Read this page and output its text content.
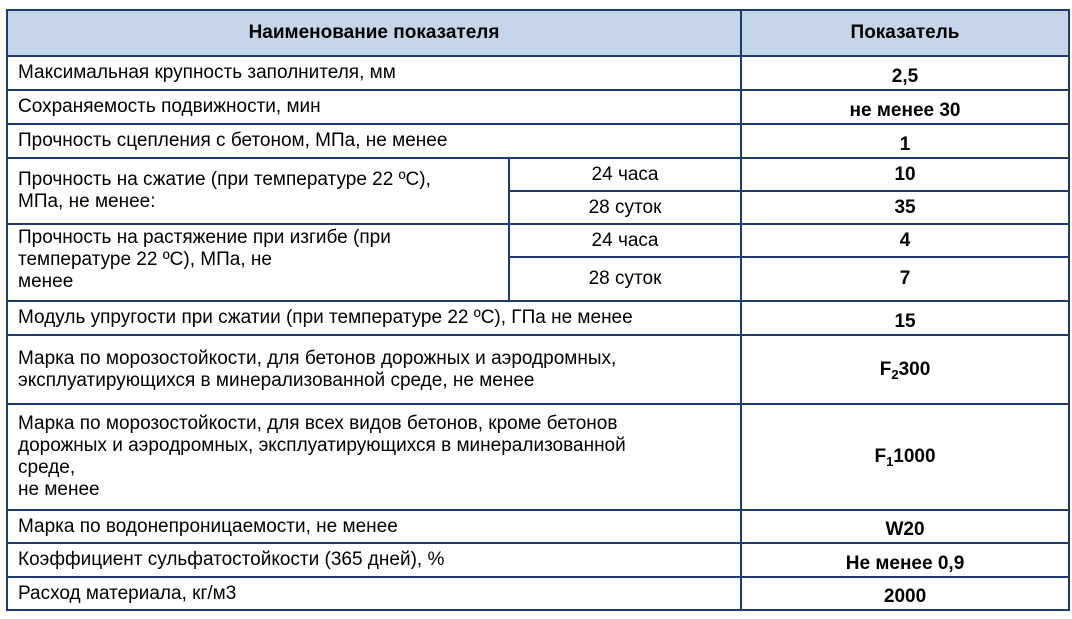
Наименование показателя		Показатель
Максимальная крупность заполнителя, мм		2,5
Сохраняемость подвижности, мин		не менее 30
Прочность сцепления с бетоном, МПа, не менее		1
Прочность на сжатие (при температуре 22 ºС),
МПа, не менее:	24 часа	10
	28 суток	35
Прочность на растяжение при изгибе (при
температуре 22 ºС), МПа, не
менее	24 часа	4
	28 суток	7
Модуль упругости при сжатии (при температуре 22 ºС), ГПа не менее		15
Марка по морозостойкости, для бетонов дорожных и аэродромных,
эксплуатирующихся в минерализованной среде, не менее		$F_2300$
Марка по морозостойкости, для всех видов бетонов, кроме бетонов
дорожных и аэродромных, эксплуатирующихся в минерализованной
среде,
не менее		$F_11000$
Марка по водонепроницаемости, не менее		W20
Коэффициент сульфатостойкости (365 дней), %		Не менее 0,9
Расход материала, кг/м3		2000
